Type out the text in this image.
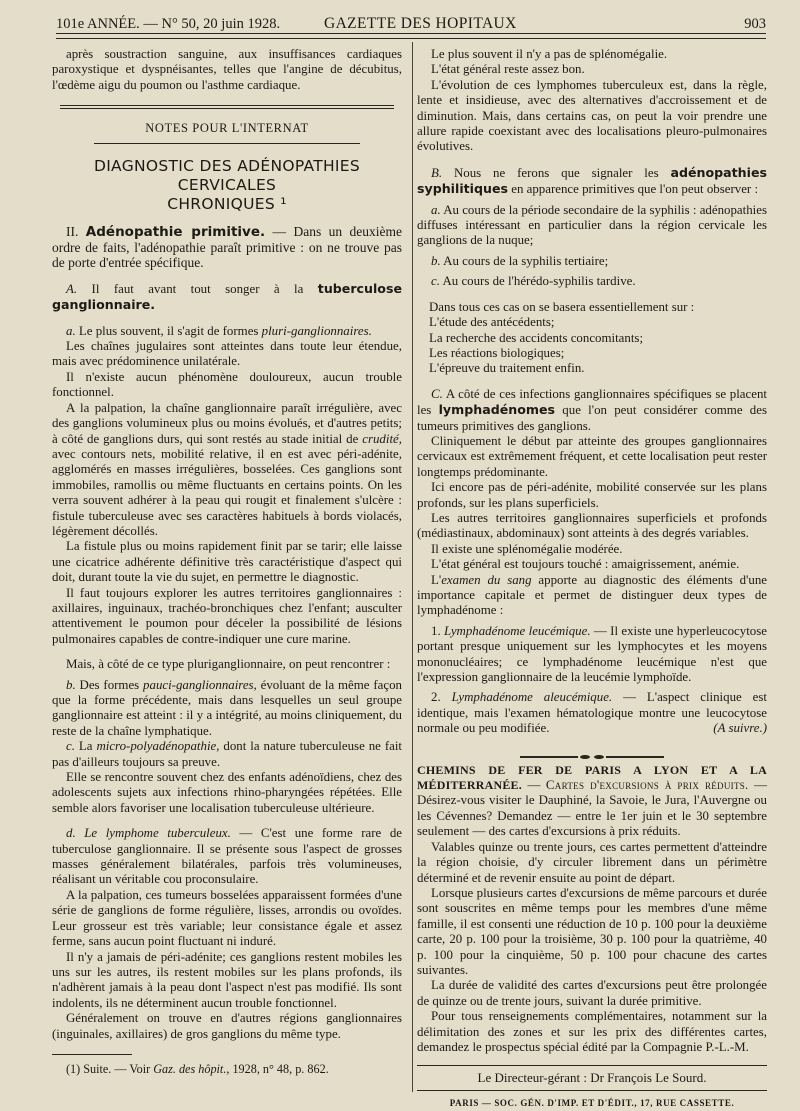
101e ANNÉE. — N° 50, 20 juin 1928.	GAZETTE DES HOPITAUX	903

après soustraction sanguine, aux insuffisances cardiaques paroxystique et dyspnéisantes, telles que l'angine de décubitus, l'œdème aigu du poumon ou l'asthme cardiaque.

NOTES POUR L'INTERNAT
DIAGNOSTIC DES ADÉNOPATHIES CERVICALES
CHRONIQUES ¹

II. Adénopathie primitive. — Dans un deuxième ordre de faits, l'adénopathie paraît primitive : on ne trouve pas de porte d'entrée spécifique.

A. Il faut avant tout songer à la tuberculose ganglionnaire.

a. Le plus souvent, il s'agit de formes pluri-ganglionnaires.

Les chaînes jugulaires sont atteintes dans toute leur étendue, mais avec prédominence unilatérale.

Il n'existe aucun phénomène douloureux, aucun trouble fonctionnel.

A la palpation, la chaîne ganglionnaire paraît irrégulière, avec des ganglions volumineux plus ou moins évolués, et d'autres petits; à côté de ganglions durs, qui sont restés au stade initial de crudité, avec contours nets, mobilité relative, il en est avec péri-adénite, agglomérés en masses irrégulières, bosselées. Ces ganglions sont immobiles, ramollis ou même fluctuants en certains points. On les verra souvent adhérer à la peau qui rougit et finalement s'ulcère : fistule tuberculeuse avec ses caractères habituels à bords violacés, légèrement décollés.

La fistule plus ou moins rapidement finit par se tarir; elle laisse une cicatrice adhérente définitive très caractéristique d'aspect qui doit, durant toute la vie du sujet, en permettre le diagnostic.

Il faut toujours explorer les autres territoires ganglionnaires : axillaires, inguinaux, trachéo-bronchiques chez l'enfant; ausculter attentivement le poumon pour déceler la possibilité de lésions pulmonaires capables de contre-indiquer une cure marine.

Mais, à côté de ce type pluriganglionnaire, on peut rencontrer :

b. Des formes pauci-ganglionnaires, évoluant de la même façon que la forme précédente, mais dans lesquelles un seul groupe ganglionnaire est atteint : il y a intégrité, au moins cliniquement, du reste de la chaîne lymphatique.

c. La micro-polyadénopathie, dont la nature tuberculeuse ne fait pas d'ailleurs toujours sa preuve.

Elle se rencontre souvent chez des enfants adénoïdiens, chez des adolescents sujets aux infections rhino-pharyngées répétées. Elle semble alors favoriser une localisation tuberculeuse ultérieure.

d. Le lymphome tuberculeux. — C'est une forme rare de tuberculose ganglionnaire. Il se présente sous l'aspect de grosses masses généralement bilatérales, parfois très volumineuses, réalisant un véritable cou proconsulaire.

A la palpation, ces tumeurs bosselées apparaissent formées d'une série de ganglions de forme régulière, lisses, arrondis ou ovoïdes. Leur grosseur est très variable; leur consistance égale et assez ferme, sans aucun point fluctuant ni induré.

Il n'y a jamais de péri-adénite; ces ganglions restent mobiles les uns sur les autres, ils restent mobiles sur les plans profonds, ils n'adhèrent jamais à la peau dont l'aspect n'est pas modifié. Ils sont indolents, ils ne déterminent aucun trouble fonctionnel.

Généralement on trouve en d'autres régions ganglionnaires (inguinales, axillaires) de gros ganglions du même type.

(1) Suite. — Voir Gaz. des hôpit., 1928, n° 48, p. 862.

Le plus souvent il n'y a pas de splénomégalie.

L'état général reste assez bon.

L'évolution de ces lymphomes tuberculeux est, dans la règle, lente et insidieuse, avec des alternatives d'accroissement et de diminution. Mais, dans certains cas, on peut la voir prendre une allure rapide coexistant avec des localisations pleuro-pulmonaires évolutives.

B. Nous ne ferons que signaler les adénopathies syphilitiques en apparence primitives que l'on peut observer :

a. Au cours de la période secondaire de la syphilis : adénopathies diffuses intéressant en particulier dans la région cervicale les ganglions de la nuque;

b. Au cours de la syphilis tertiaire;

c. Au cours de l'hérédo-syphilis tardive.

Dans tous ces cas on se basera essentiellement sur :

L'étude des antécédents;

La recherche des accidents concomitants;

Les réactions biologiques;

L'épreuve du traitement enfin.

C. A côté de ces infections ganglionnaires spécifiques se placent les lymphadénomes que l'on peut considérer comme des tumeurs primitives des ganglions.

Cliniquement le début par atteinte des groupes ganglionnaires cervicaux est extrêmement fréquent, et cette localisation peut rester longtemps prédominante.

Ici encore pas de péri-adénite, mobilité conservée sur les plans profonds, sur les plans superficiels.

Les autres territoires ganglionnaires superficiels et profonds (médiastinaux, abdominaux) sont atteints à des degrés variables.

Il existe une splénomégalie modérée.

L'état général est toujours touché : amaigrissement, anémie.

L'examen du sang apporte au diagnostic des éléments d'une importance capitale et permet de distinguer deux types de lymphadénome :

1. Lymphadénome leucémique. — Il existe une hyperleucocytose portant presque uniquement sur les lymphocytes et les moyens mononucléaires; ce lymphadénome leucémique n'est que l'expression ganglionnaire de la leucémie lymphoïde.

2. Lymphadénome aleucémique. — L'aspect clinique est identique, mais l'examen hématologique montre une leucocytose normale ou peu modifiée.	(A suivre.)

CHEMINS DE FER DE PARIS A LYON ET A LA MÉDITERRANÉE. — Cartes d'excursions à prix réduits. — Désirez-vous visiter le Dauphiné, la Savoie, le Jura, l'Auvergne ou les Cévennes? Demandez — entre le 1er juin et le 30 septembre seulement — des cartes d'excursions à prix réduits.

Valables quinze ou trente jours, ces cartes permettent d'atteindre la région choisie, d'y circuler librement dans un périmètre déterminé et de revenir ensuite au point de départ.

Lorsque plusieurs cartes d'excursions de même parcours et durée sont souscrites en même temps pour les membres d'une même famille, il est consenti une réduction de 10 p. 100 pour la deuxième carte, 20 p. 100 pour la troisième, 30 p. 100 pour la quatrième, 40 p. 100 pour la cinquième, 50 p. 100 pour chacune des cartes suivantes.

La durée de validité des cartes d'excursions peut être prolongée de quinze ou de trente jours, suivant la durée primitive.

Pour tous renseignements complémentaires, notamment sur la délimitation des zones et sur les prix des différentes cartes, demandez le prospectus spécial édité par la Compagnie P.-L.-M.

Le Directeur-gérant : Dr François Le Sourd.
PARIS — SOC. GÉN. D'IMP. ET D'ÉDIT., 17, RUE CASSETTE.
